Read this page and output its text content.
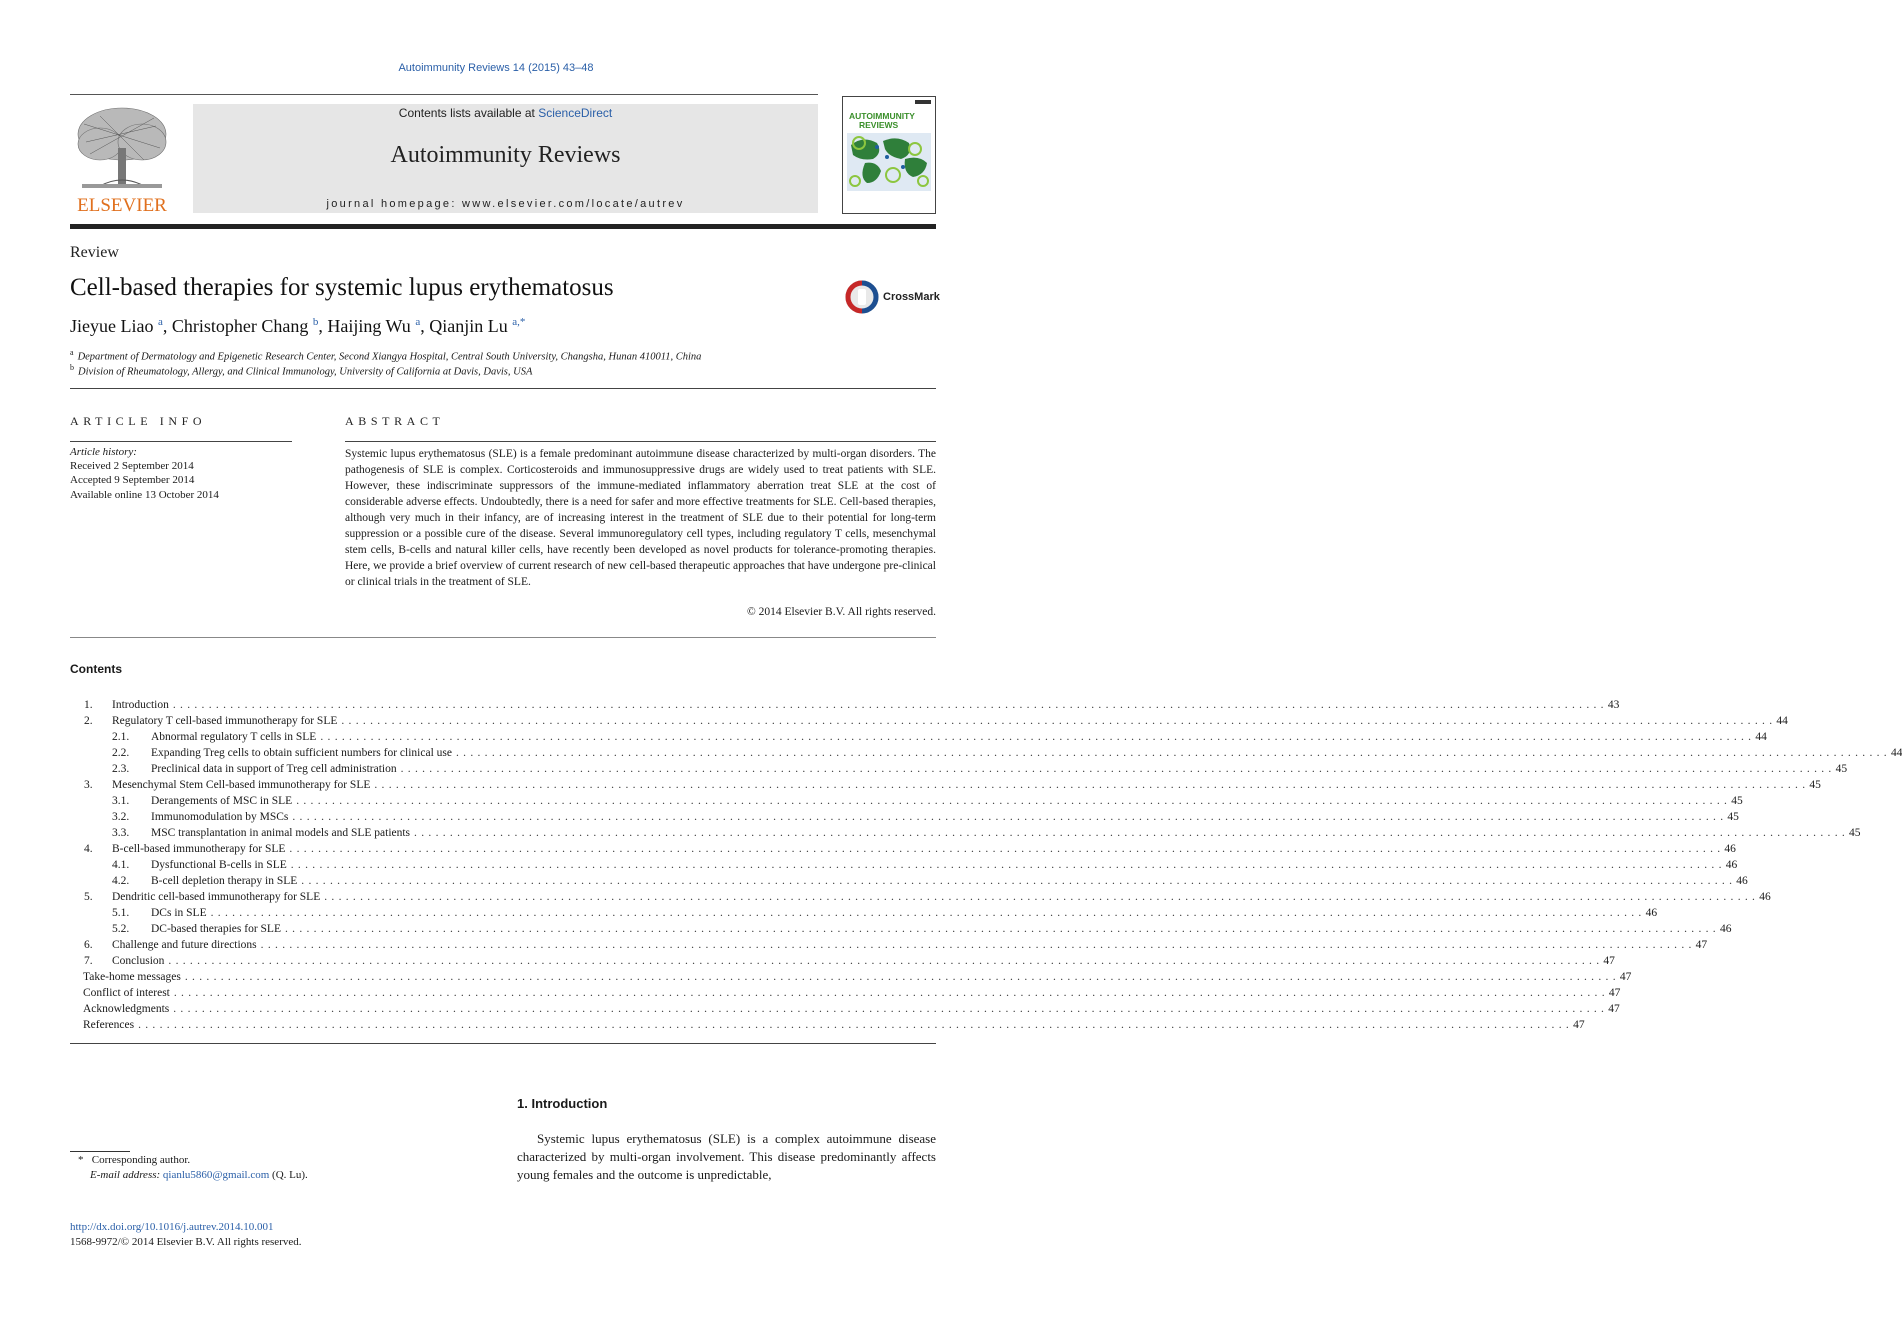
Autoimmunity Reviews 14 (2015) 43–48
ELSEVIER
Contents lists available at ScienceDirect
Autoimmunity Reviews
journal homepage: www.elsevier.com/locate/autrev
AUTOIMMUNITY
REVIEWS
Review
Cell-based therapies for systemic lupus erythematosus	CrossMark
Jieyue Liao $^a$, Christopher Chang $^b$, Haijing Wu $^a$, Qianjin Lu $^{a,*}$
$^a$ Department of Dermatology and Epigenetic Research Center, Second Xiangya Hospital, Central South University, Changsha, Hunan 410011, China
$^b$ Division of Rheumatology, Allergy, and Clinical Immunology, University of California at Davis, Davis, USA
ARTICLE INFO
Article history:
Received 2 September 2014
Accepted 9 September 2014
Available online 13 October 2014
ABSTRACT
Systemic lupus erythematosus (SLE) is a female predominant autoimmune disease characterized by multi-organ disorders. The pathogenesis of SLE is complex. Corticosteroids and immunosuppressive drugs are widely used to treat patients with SLE. However, these indiscriminate suppressors of the immune-mediated inflammatory aberration treat SLE at the cost of considerable adverse effects. Undoubtedly, there is a need for safer and more effective treatments for SLE. Cell-based therapies, although very much in their infancy, are of increasing interest in the treatment of SLE due to their potential for long-term suppression or a possible cure of the disease. Several immunoregulatory cell types, including regulatory T cells, mesenchymal stem cells, B-cells and natural killer cells, have recently been developed as novel products for tolerance-promoting therapies. Here, we provide a brief overview of current research of new cell-based therapeutic approaches that have undergone pre-clinical or clinical trials in the treatment of SLE.
© 2014 Elsevier B.V. All rights reserved.
Contents
1. Introduction ........................................................................................................................................................................................................ 43
2. Regulatory T cell-based immunotherapy for SLE ........................................................................................................................................................................................................ 44
2.1. Abnormal regulatory T cells in SLE ........................................................................................................................................................................................................ 44
2.2. Expanding Treg cells to obtain sufficient numbers for clinical use ........................................................................................................................................................................................................ 44
2.3. Preclinical data in support of Treg cell administration ........................................................................................................................................................................................................ 45
3. Mesenchymal Stem Cell-based immunotherapy for SLE ........................................................................................................................................................................................................ 45
3.1. Derangements of MSC in SLE ........................................................................................................................................................................................................ 45
3.2. Immunomodulation by MSCs ........................................................................................................................................................................................................ 45
3.3. MSC transplantation in animal models and SLE patients ........................................................................................................................................................................................................ 45
4. B-cell-based immunotherapy for SLE ........................................................................................................................................................................................................ 46
4.1. Dysfunctional B-cells in SLE ........................................................................................................................................................................................................ 46
4.2. B-cell depletion therapy in SLE ........................................................................................................................................................................................................ 46
5. Dendritic cell-based immunotherapy for SLE ........................................................................................................................................................................................................ 46
5.1. DCs in SLE ........................................................................................................................................................................................................ 46
5.2. DC-based therapies for SLE ........................................................................................................................................................................................................ 46
6. Challenge and future directions ........................................................................................................................................................................................................ 47
7. Conclusion ........................................................................................................................................................................................................ 47
Take-home messages ........................................................................................................................................................................................................ 47
Conflict of interest ........................................................................................................................................................................................................ 47
Acknowledgments ........................................................................................................................................................................................................ 47
References ........................................................................................................................................................................................................ 47
1. Introduction
Systemic lupus erythematosus (SLE) is a complex autoimmune disease characterized by multi-organ involvement. This disease predominantly affects young females and the outcome is unpredictable,
* Corresponding author.
E-mail address: qianlu5860@gmail.com (Q. Lu).
http://dx.doi.org/10.1016/j.autrev.2014.10.001
1568-9972/© 2014 Elsevier B.V. All rights reserved.
